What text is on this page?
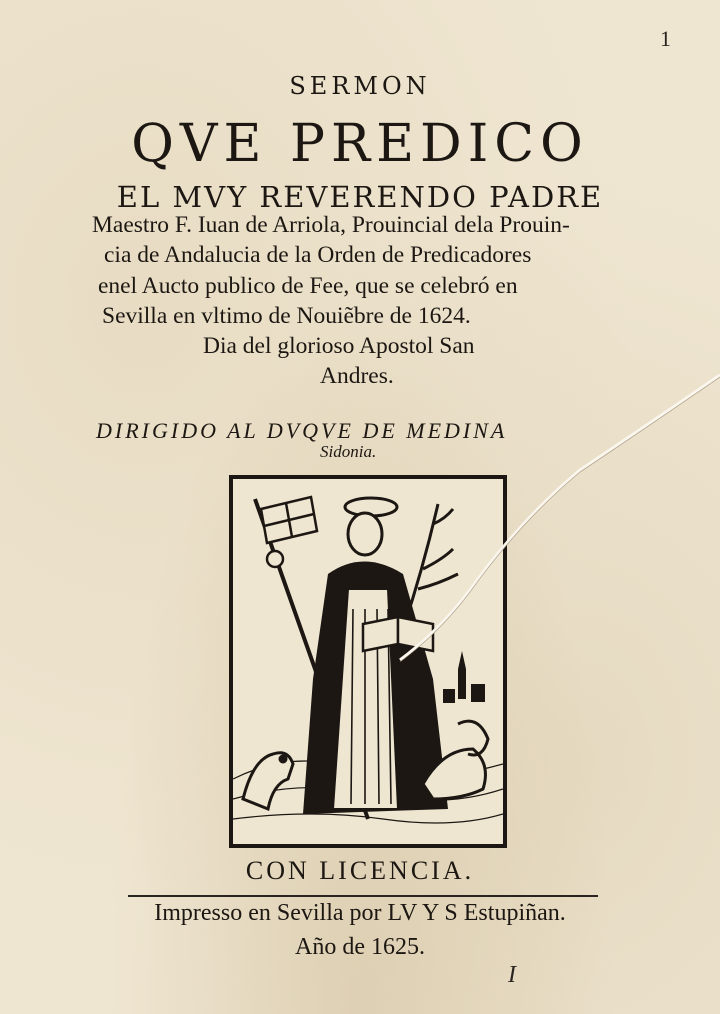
1
SERMON
QVE PREDICO
EL MVY REVERENDO PADRE
Maestro F. Iuan de Arriola, Prouincial dela Prouin-
cia de Andalucia de la Orden de Predicadores
enel Aucto publico de Fee, que se celebró en
Sevilla en vltimo de Nouiẽbre de 1624.
Dia del glorioso Apostol San
Andres.
DIRIGIDO AL DVQVE DE MEDINA
Sidonia.
CON LICENCIA.
Impresso en Sevilla por LV Y S Estupiñan.
Año de 1625.
I
